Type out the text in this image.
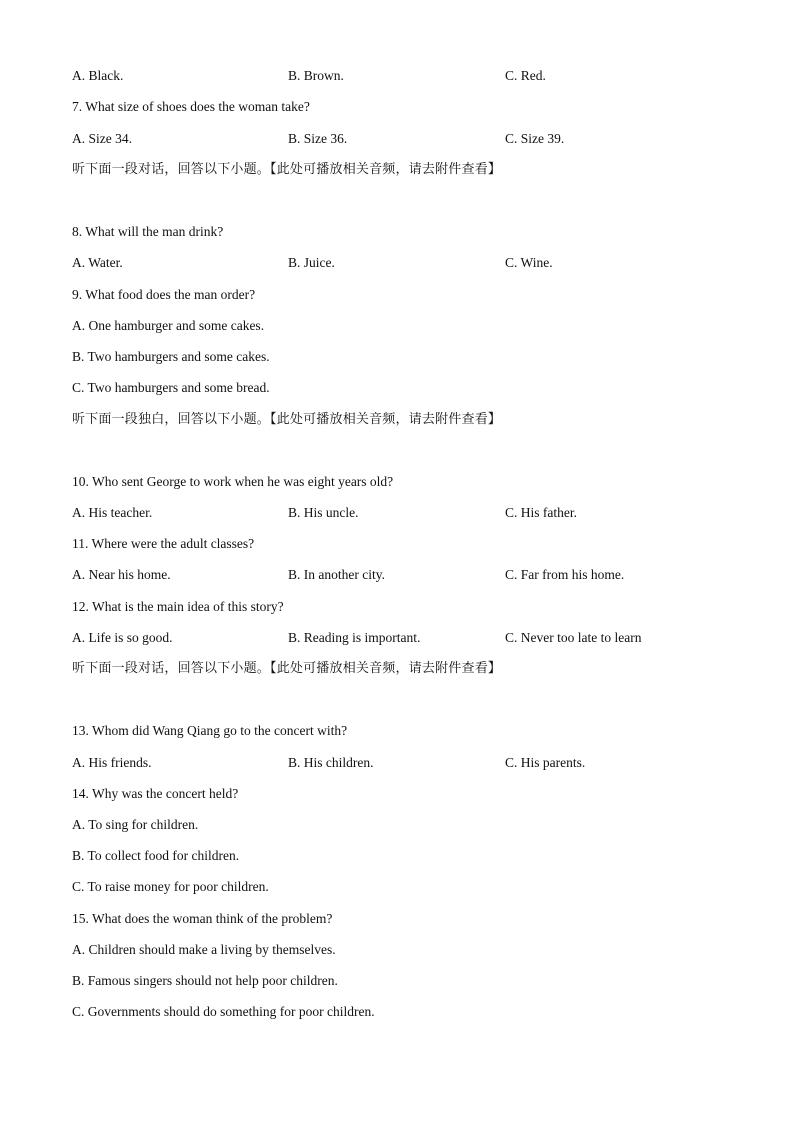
A. Black.	B. Brown.	C. Red.
7. What size of shoes does the woman take?
A. Size 34.	B. Size 36.	C. Size 39.
听下面一段对话，回答以下小题。【此处可播放相关音频，请去附件查看】
8. What will the man drink?
A. Water.	B. Juice.	C. Wine.
9. What food does the man order?
A. One hamburger and some cakes.
B. Two hamburgers and some cakes.
C. Two hamburgers and some bread.
听下面一段独白，回答以下小题。【此处可播放相关音频，请去附件查看】
10. Who sent George to work when he was eight years old?
A. His teacher.	B. His uncle.	C. His father.
11. Where were the adult classes?
A. Near his home.	B. In another city.	C. Far from his home.
12. What is the main idea of this story?
A. Life is so good.	B. Reading is important.	C. Never too late to learn
听下面一段对话，回答以下小题。【此处可播放相关音频，请去附件查看】
13. Whom did Wang Qiang go to the concert with?
A. His friends.	B. His children.	C. His parents.
14. Why was the concert held?
A. To sing for children.
B. To collect food for children.
C. To raise money for poor children.
15. What does the woman think of the problem?
A. Children should make a living by themselves.
B. Famous singers should not help poor children.
C. Governments should do something for poor children.
